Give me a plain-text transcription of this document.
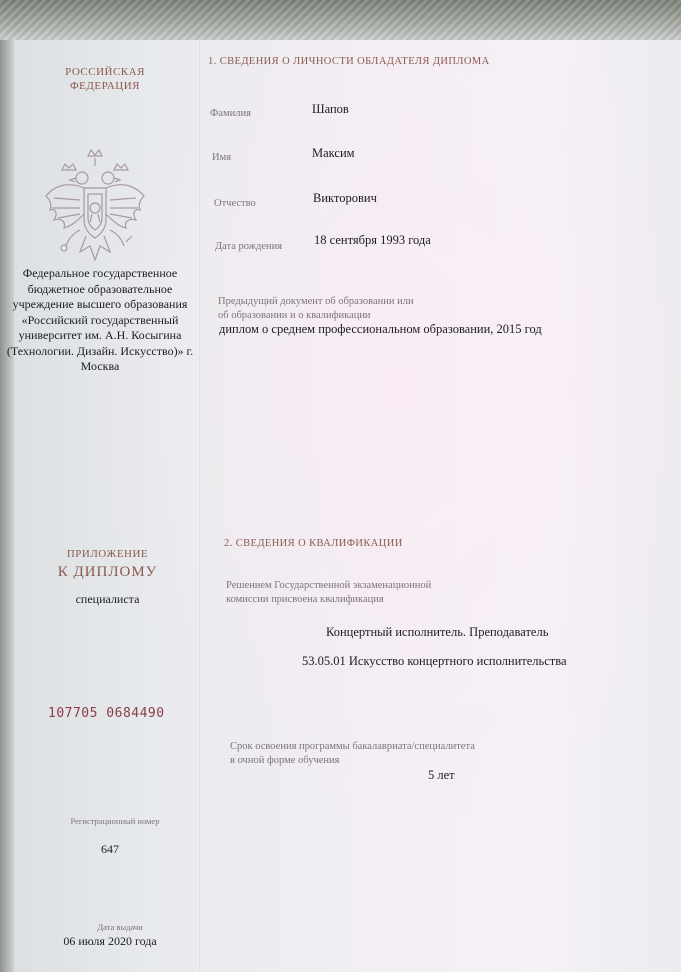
РОССИЙСКАЯ ФЕДЕРАЦИЯ
Федеральное государственное бюджетное образовательное учреждение высшего образования «Российский государственный университет им. А.Н. Косыгина (Технологии. Дизайн. Искусство)» г. Москва
ПРИЛОЖЕНИЕ
К ДИПЛОМУ
специалиста
107705 0684490
Регистрационный номер
647
Дата выдачи
06 июля 2020 года
1. СВЕДЕНИЯ О ЛИЧНОСТИ ОБЛАДАТЕЛЯ ДИПЛОМА
Фамилия	Шапов
Имя	Максим
Отчество	Викторович
Дата рождения	18 сентября 1993 года
Предыдущий документ об образовании или
об образовании и о квалификации
диплом о среднем профессиональном образовании, 2015 год
2. СВЕДЕНИЯ О КВАЛИФИКАЦИИ
Решением Государственной экзаменационной
комиссии присвоена квалификация
Концертный исполнитель. Преподаватель
53.05.01 Искусство концертного исполнительства
Срок освоения программы бакалавриата/специалитета
в очной форме обучения
5 лет
